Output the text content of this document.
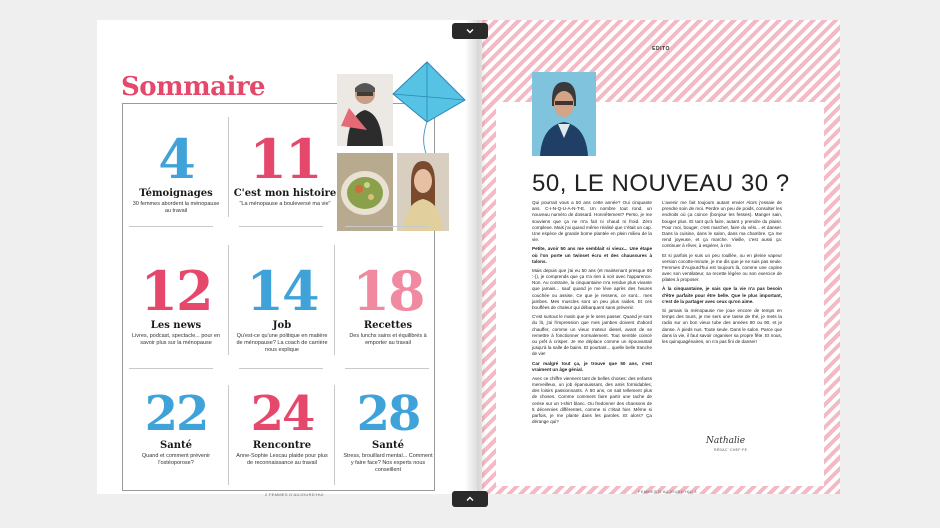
Sommaire
4
Témoignages
30 femmes abordent la ménopause au travail
11
C'est mon histoire
"La ménopause a bouleversé ma vie"
12
Les news
Livres, podcast, spectacle... pour en savoir plus sur la ménopause
14
Job
Qu'est-ce qu'une politique en matière de ménopause? La coach de carrière nous explique
18
Recettes
Des lunchs sains et équilibrés à emporter au travail
22
Santé
Quand et comment prévenir l'ostéoporose?
24
Rencontre
Anne-Sophie Lescau plaide pour plus de reconnaissance au travail
28
Santé
Stress, brouillard mental... Comment y faire face? Nos experts nous conseillent
2 FEMMES D'AUJOURD'HUI
EDITO
50, LE NOUVEAU 30 ?

Qui pourrait vous a 50 ans cette année? Oui cinquante ans. C-I-N-Q-U-A-N-T-E. Un nombre tout rond, un nouveau numéro de dossard. Honnêtement? Perso, je me souviens que ça ne m'a fait ni chaud ni froid. Zéro complexe. Mais j'ai quand même réalisé que c'était un cap. Une espèce de grande borne plantée en plein milieu de la vie.

Petite, avoir 50 ans me semblait si vieux... Une étape où l'on porte un twinset écru et des chaussures à talons.

Mais depuis que j'ai eu 50 ans (et maintenant presque 60 :-)), je comprends que ça n'a rien à voir avec l'apparence. Non. Au contraire, la cinquantaine m'a rendue plus vivante que jamais... sauf quand je me lève après des heures couchée ou assise. Ce que je ressens, ce sont... mes jambes. Mes muscles sont un peu plus raides. Et ces bouffées de chaleur qui débarquent sans prévenir.

C'est surtout le matin que je le sens passer. Quand je sors du lit, j'ai l'impression que mes jambes doivent d'abord chauffer, comme un vieux moteur diesel, avant de se remettre à fonctionner normalement. Tout semble coincé ou prêt à crisper. Je me déplace comme un épouvantail jusqu'à la salle de bains. Et pourtant... quelle belle tranche de vie!

Car malgré tout ça, je trouve que 50 ans, c'est vraiment un âge génial.

Avec ce chiffre viennent tant de belles choses: des enfants merveilleux, un job épanouissant, des amis formidables, des loisirs passionnants. À 50 ans, on sait tellement plus de choses. Comme comment faire partir une tache de cerise sur un t-shirt blanc. Ou fredonner des chansons de 5 décennies différentes, comme si c'était hier. Même si parfois, je me plante dans les paroles. Et alors? Ça dérange qui?

L'avenir me fait toujours autant envie! Alors j'essaie de prendre soin de moi. Perdre un peu de poids, consulter les endroits où ça coince (bonjour les fesses). Manger sain, bouger plus. Et tant qu'à faire, autant y prendre du plaisir. Pour moi, bouger, c'est marcher, faire du vélo... et danser. Dans la cuisine, dans le salon, dans ma chambre. Ça me rend joyeuse, et ça marche. Vieille, c'est aussi ça: continuer à rêver, à espérer, à rire.

Et si parfois je suis un peu rouillée, ou en pleine vapeur version cocotte-minute, je me dis que je ne suis pas seule. Femmes d'Aujourd'hui est toujours là, comme une copine avec son ventilateur, sa recette légère ou son exercice de pilates à proposer.

À la cinquantaine, je sais que la vie n'a pas besoin d'être parfaite pour être belle. Que le plus important, c'est de la partager avec ceux qu'on aime.

Si jamais la ménopause me joue encore de temps en temps des tours, je me sers une tasse de thé, je mets la radio sur un bon vieux tube des années 80 ou 90, et je danse. À pieds nus. Toute seule. Dans le salon. Parce que dans la vie, il faut savoir organiser sa propre fête. Et nous, les quinquagénaires, on n'a pas fini de danser!

Nathalie
RÉDAC' CHEF·FE
FEMMES D'AUJOURD'HUI 3
